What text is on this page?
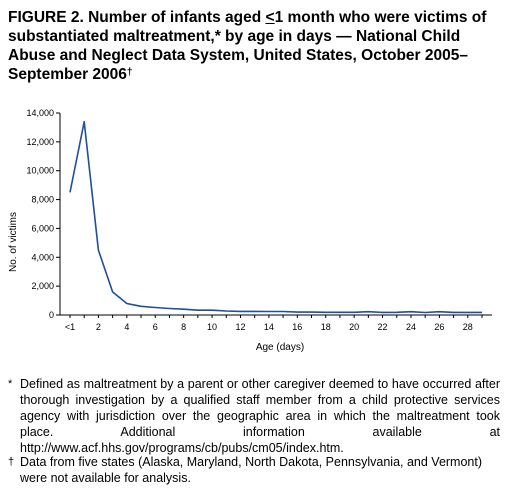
FIGURE 2. Number of infants aged <1 month who were victims of substantiated maltreatment,* by age in days — National Child Abuse and Neglect Data System, United States, October 2005–September 2006†
0
2,000
4,000
6,000
8,000
10,000
12,000
14,000
<1 2	4	6	8 10 12 14 16 18 20 22 24 26 28
No. of victims
Age (days)
* Defined as maltreatment by a parent or other caregiver deemed to have occurred after thorough investigation by a qualified staff member from a child protective services agency with jurisdiction over the geographic area in which the maltreatment took place. Additional information available at http://www.acf.hhs.gov/programs/cb/pubs/cm05/index.htm.

† Data from five states (Alaska, Maryland, North Dakota, Pennsylvania, and Vermont) were not available for analysis.
